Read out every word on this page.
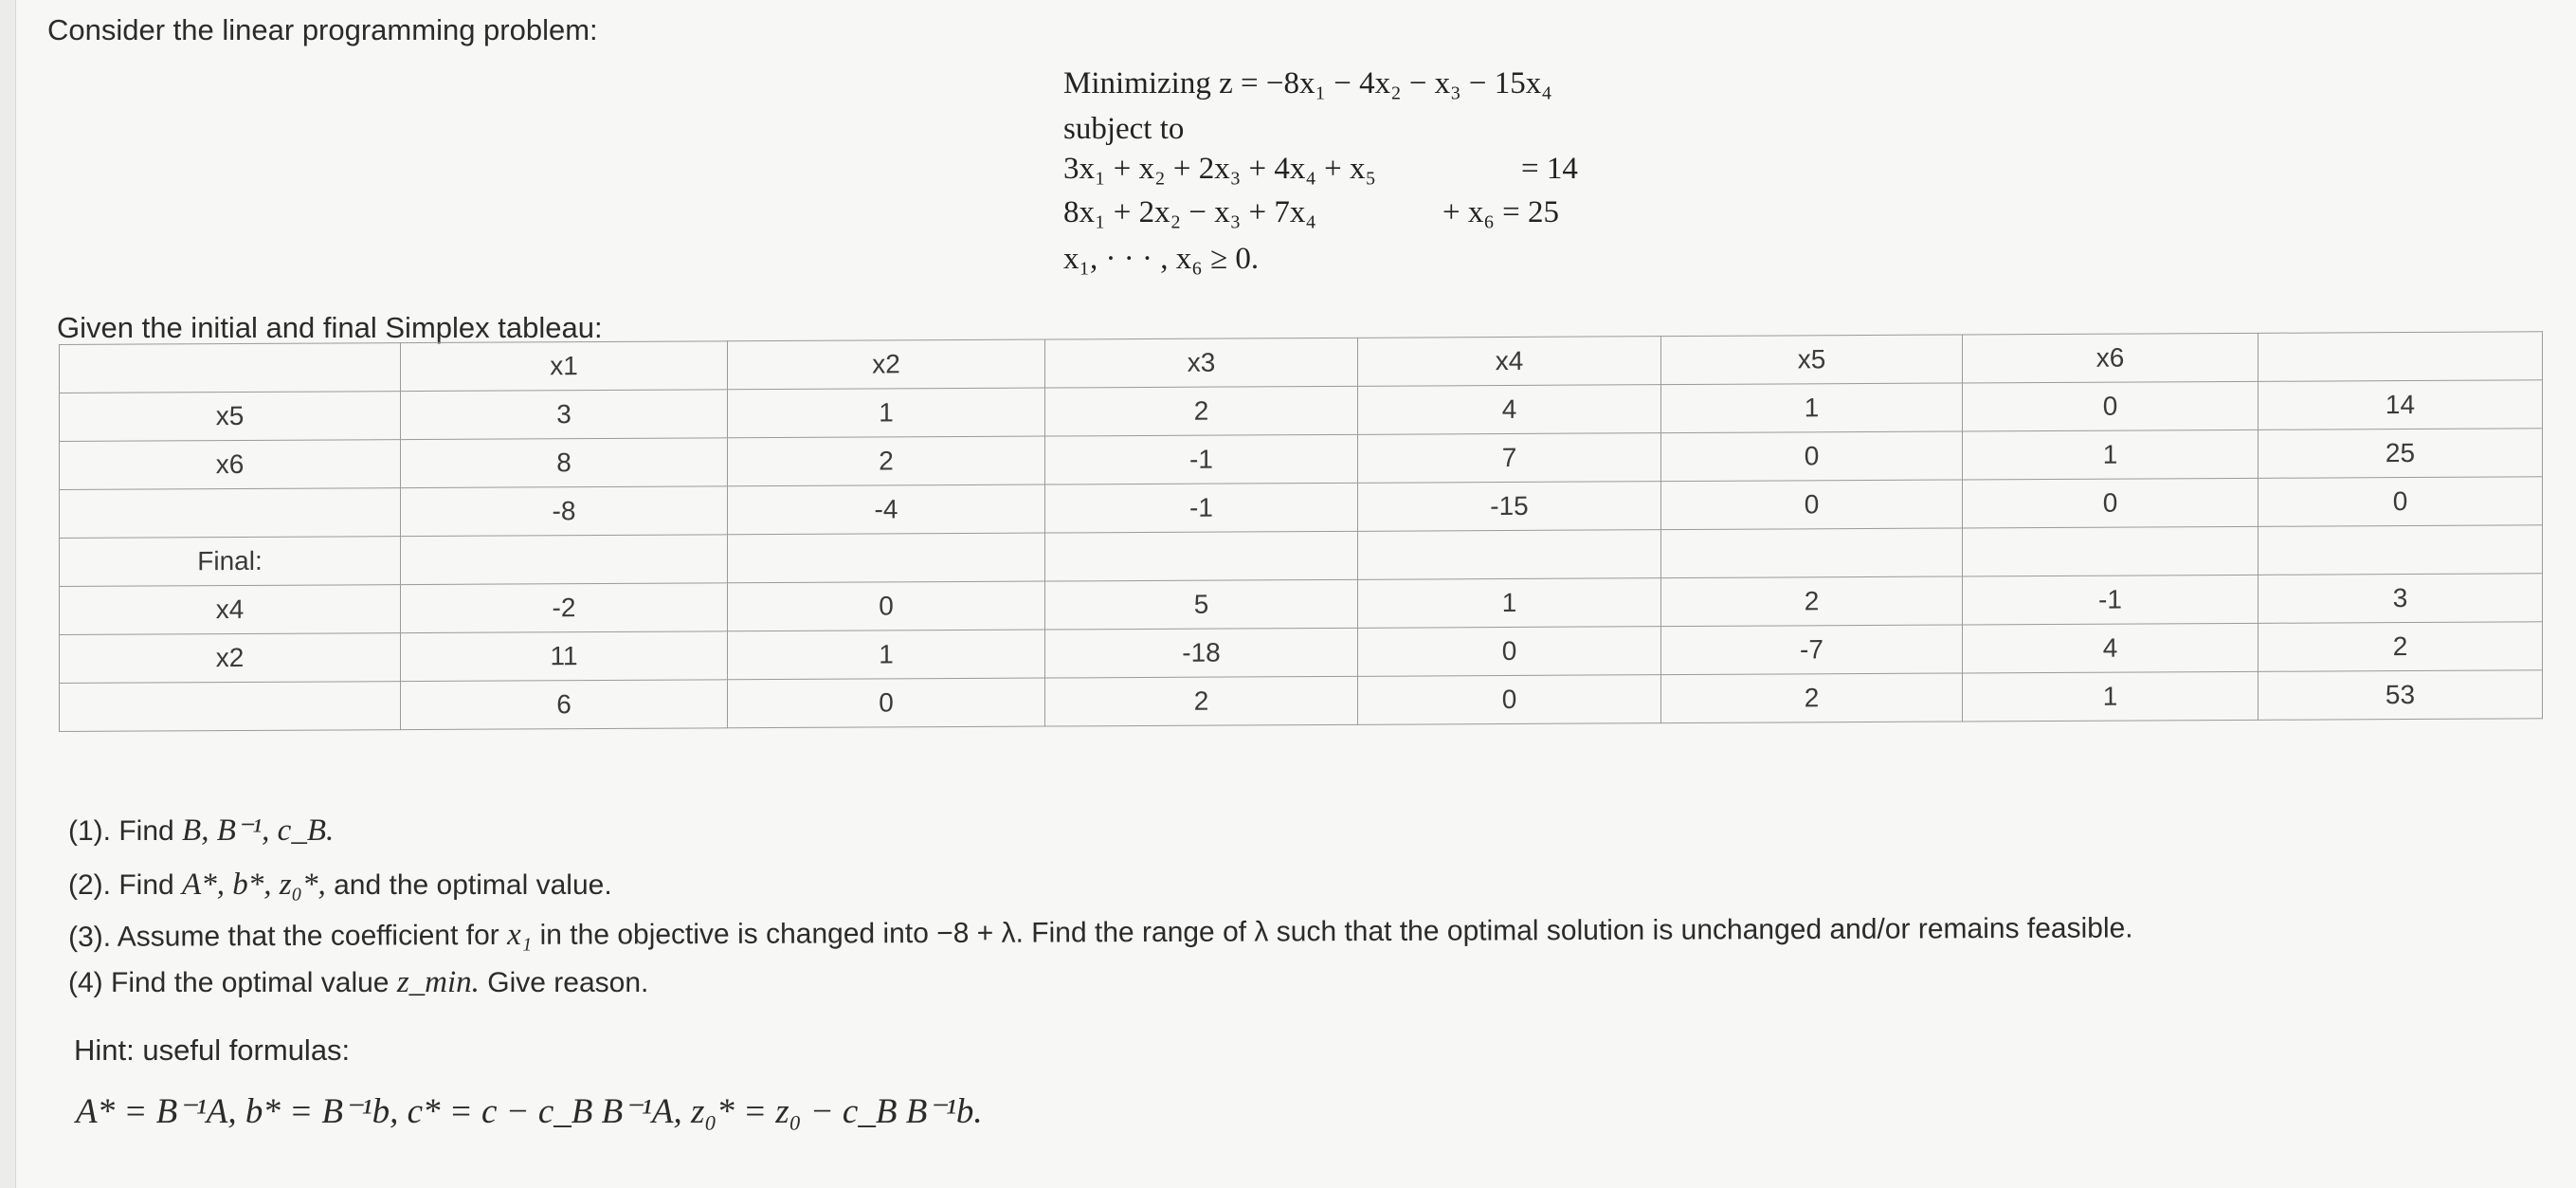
Consider the linear programming problem:
Minimizing z = −8x₁ − 4x₂ − x₃ − 15x₄
subject to
3x₁ + x₂ + 2x₃ + 4x₄ + x₅	= 14
8x₁ + 2x₂ − x₃ + 7x₄	+ x₆ = 25
x₁, · · · , x₆ ≥ 0.
Given the initial and final Simplex tableau:
	x1	x2	x3	x4	x5	x6	
x5	3	1	2	4	1	0	14
x6	8	2	-1	7	0	1	25
	-8	-4	-1	-15	0	0	0
Final:							
x4	-2	0	5	1	2	-1	3
x2	11	1	-18	0	-7	4	2
	6	0	2	0	2	1	53
(1). Find B, B⁻¹, c_B.
(2). Find A*, b*, z₀*, and the optimal value.
(3). Assume that the coefficient for x₁ in the objective is changed into −8 + λ. Find the range of λ such that the optimal solution is unchanged and/or remains feasible.
(4) Find the optimal value z_min. Give reason.
Hint: useful formulas:
A* = B⁻¹A, b* = B⁻¹b, c* = c − c_B B⁻¹A, z₀* = z₀ − c_B B⁻¹b.
